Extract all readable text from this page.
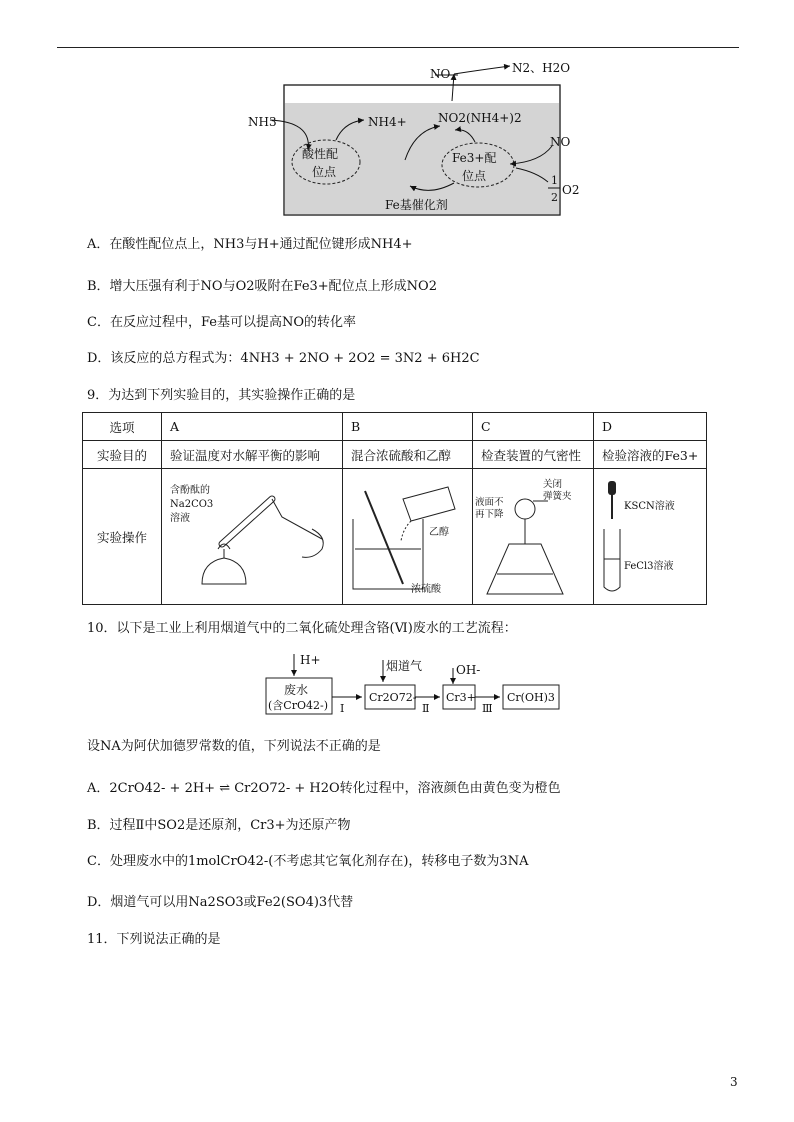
NH3	NH4+	NO2(NH4+)2
NO	N2、H2O
NO
1
2
O2
酸性配
位点
Fe3+配
位点
Fe基催化剂
A．在酸性配位点上，NH3与H+通过配位键形成NH4+
B．增大压强有利于NO与O2吸附在Fe3+配位点上形成NO2
C．在反应过程中，Fe基可以提高NO的转化率
D．该反应的总方程式为：4NH3 + 2NO + 2O2 = 3N2 + 6H2C
9．为达到下列实验目的，其实验操作正确的是
选项	A	B	C	D
实验目的	验证温度对水解平衡的影响	混合浓硫酸和乙醇	检查装置的气密性	检验溶液的Fe3+
实验操作	含酚酞的
Na2CO3
溶液	乙醇
浓硫酸	液面不
再下降
关闭
弹簧夹	KSCN溶液
FeCl3溶液
10．以下是工业上利用烟道气中的二氧化硫处理含铬(Ⅵ)废水的工艺流程：
H+	烟道气	OH-
废水
(含CrO42-) Ⅰ
Cr2O72-
Ⅱ
Cr3+
Ⅲ
Cr(OH)3
设NA为阿伏加德罗常数的值，下列说法不正确的是
A．2CrO42- + 2H+ ⇌ Cr2O72- + H2O转化过程中，溶液颜色由黄色变为橙色
B．过程Ⅱ中SO2是还原剂，Cr3+为还原产物
C．处理废水中的1molCrO42-(不考虑其它氧化剂存在)，转移电子数为3NA
D．烟道气可以用Na2SO3或Fe2(SO4)3代替
11．下列说法正确的是
3
